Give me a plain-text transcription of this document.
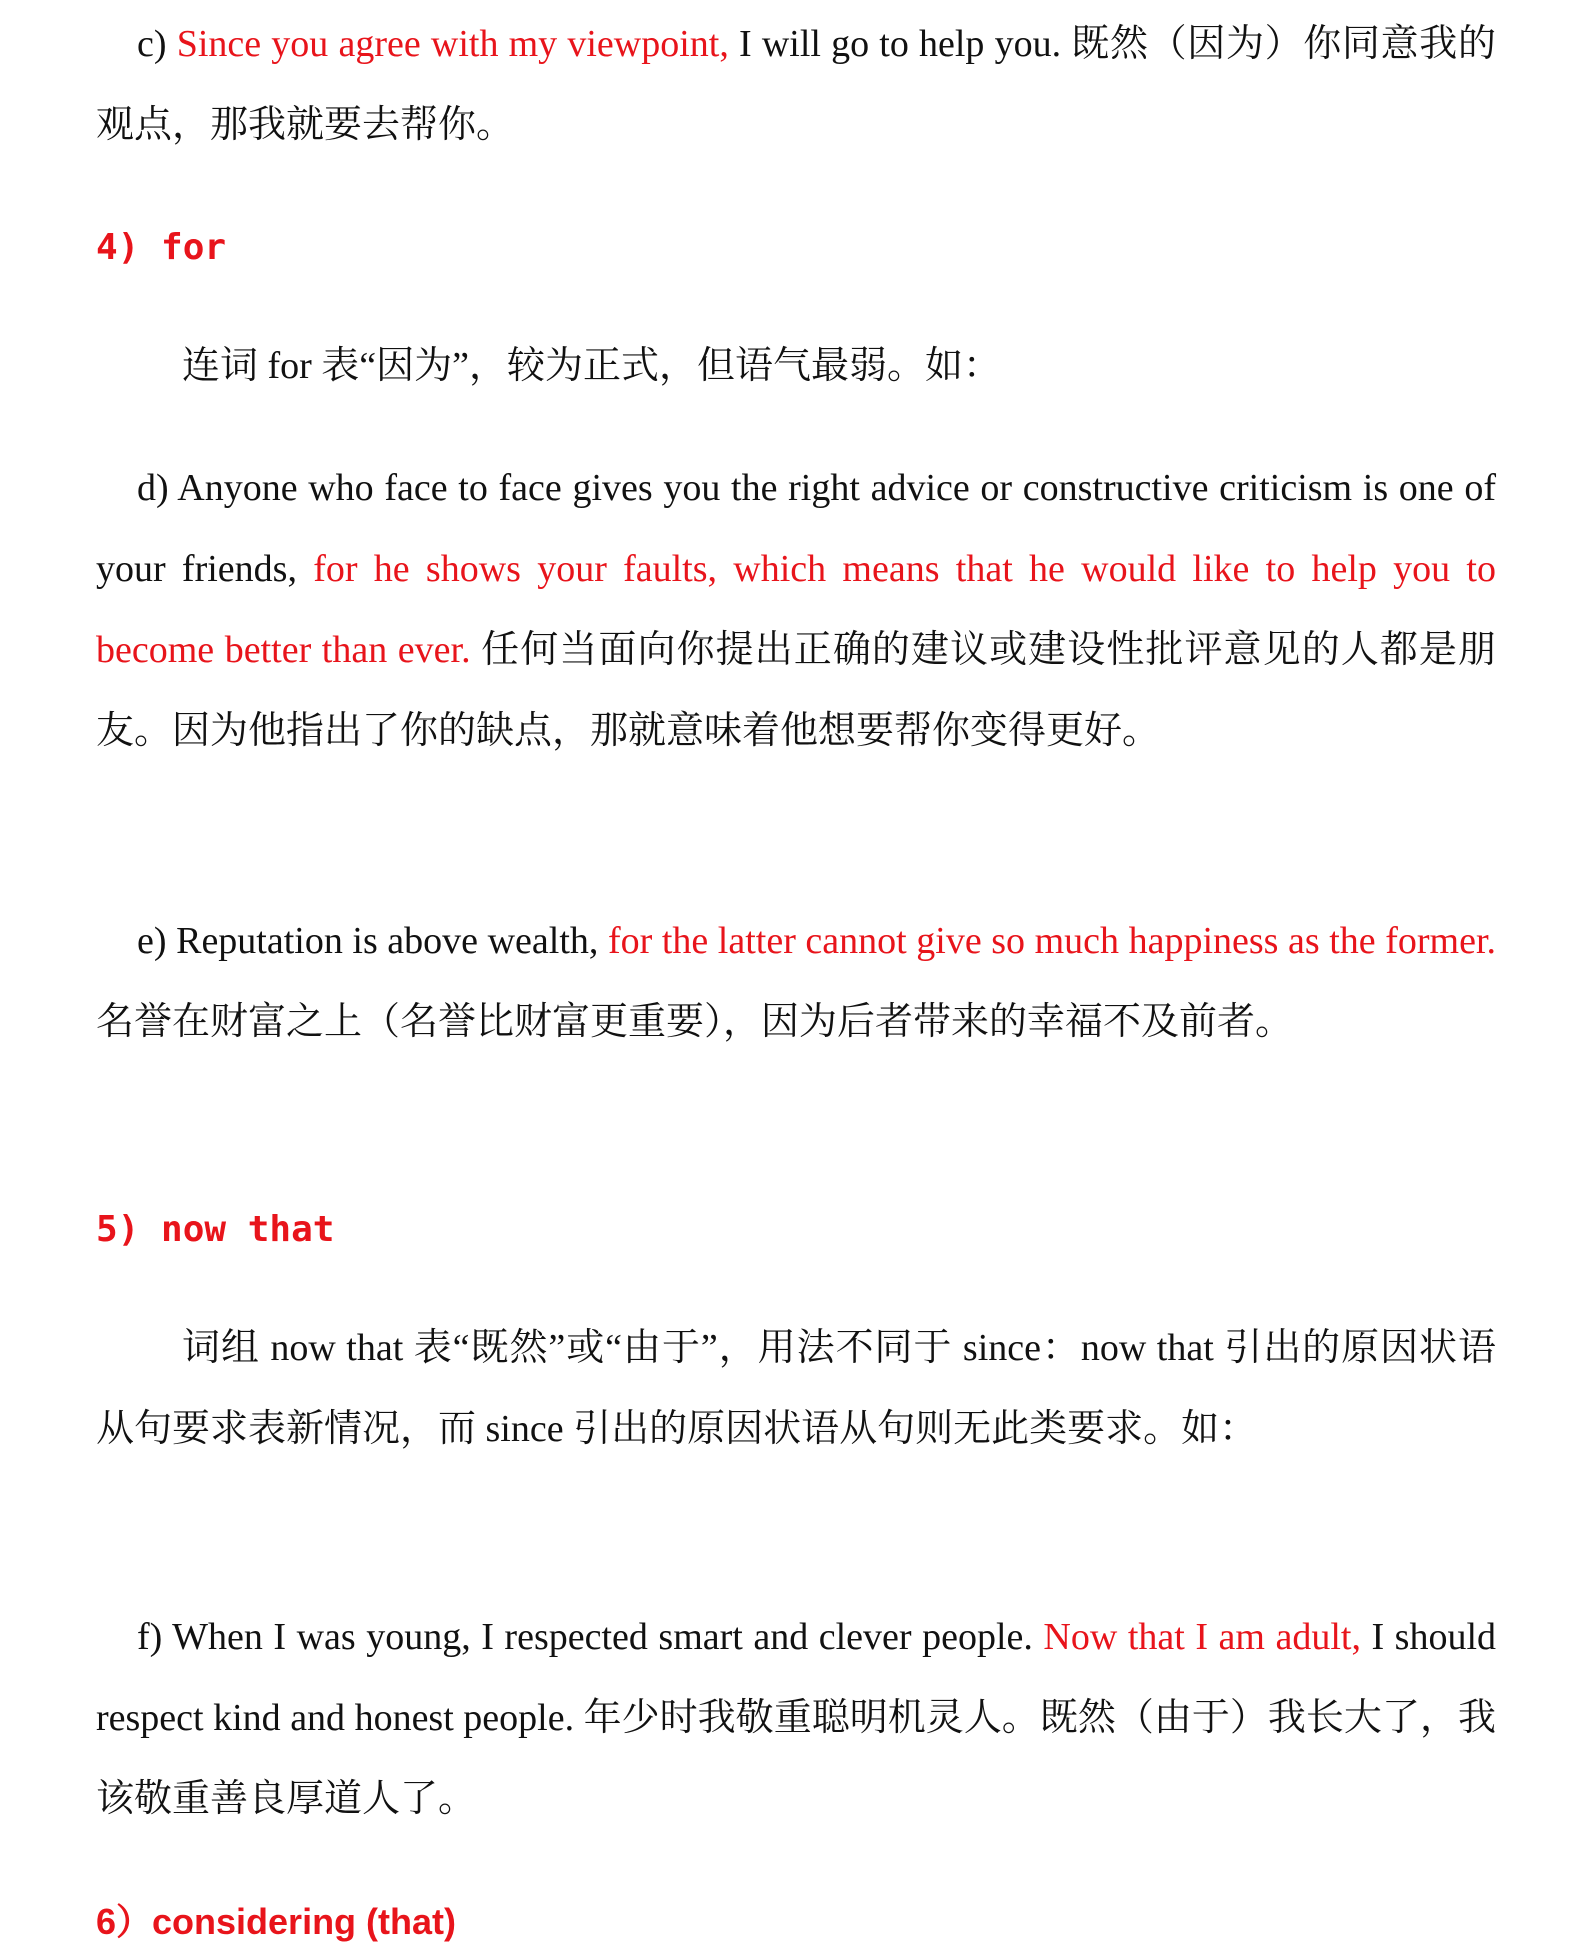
c) Since you agree with my viewpoint, I will go to help you. 既然（因为）你同意我的观点，那我就要去帮你。

4) for

连词 for 表“因为”，较为正式，但语气最弱。如：

d) Anyone who face to face gives you the right advice or constructive criticism is one of your friends, for he shows your faults, which means that he would like to help you to become better than ever. 任何当面向你提出正确的建议或建设性批评意见的人都是朋友。因为他指出了你的缺点，那就意味着他想要帮你变得更好。

e) Reputation is above wealth, for the latter cannot give so much happiness as the former. 名誉在财富之上（名誉比财富更重要），因为后者带来的幸福不及前者。

5) now that

词组 now that 表“既然”或“由于”，用法不同于 since：now that 引出的原因状语从句要求表新情况，而 since 引出的原因状语从句则无此类要求。如：

f) When I was young, I respected smart and clever people. Now that I am adult, I should respect kind and honest people. 年少时我敬重聪明机灵人。既然（由于）我长大了，我该敬重善良厚道人了。

6）considering (that)
